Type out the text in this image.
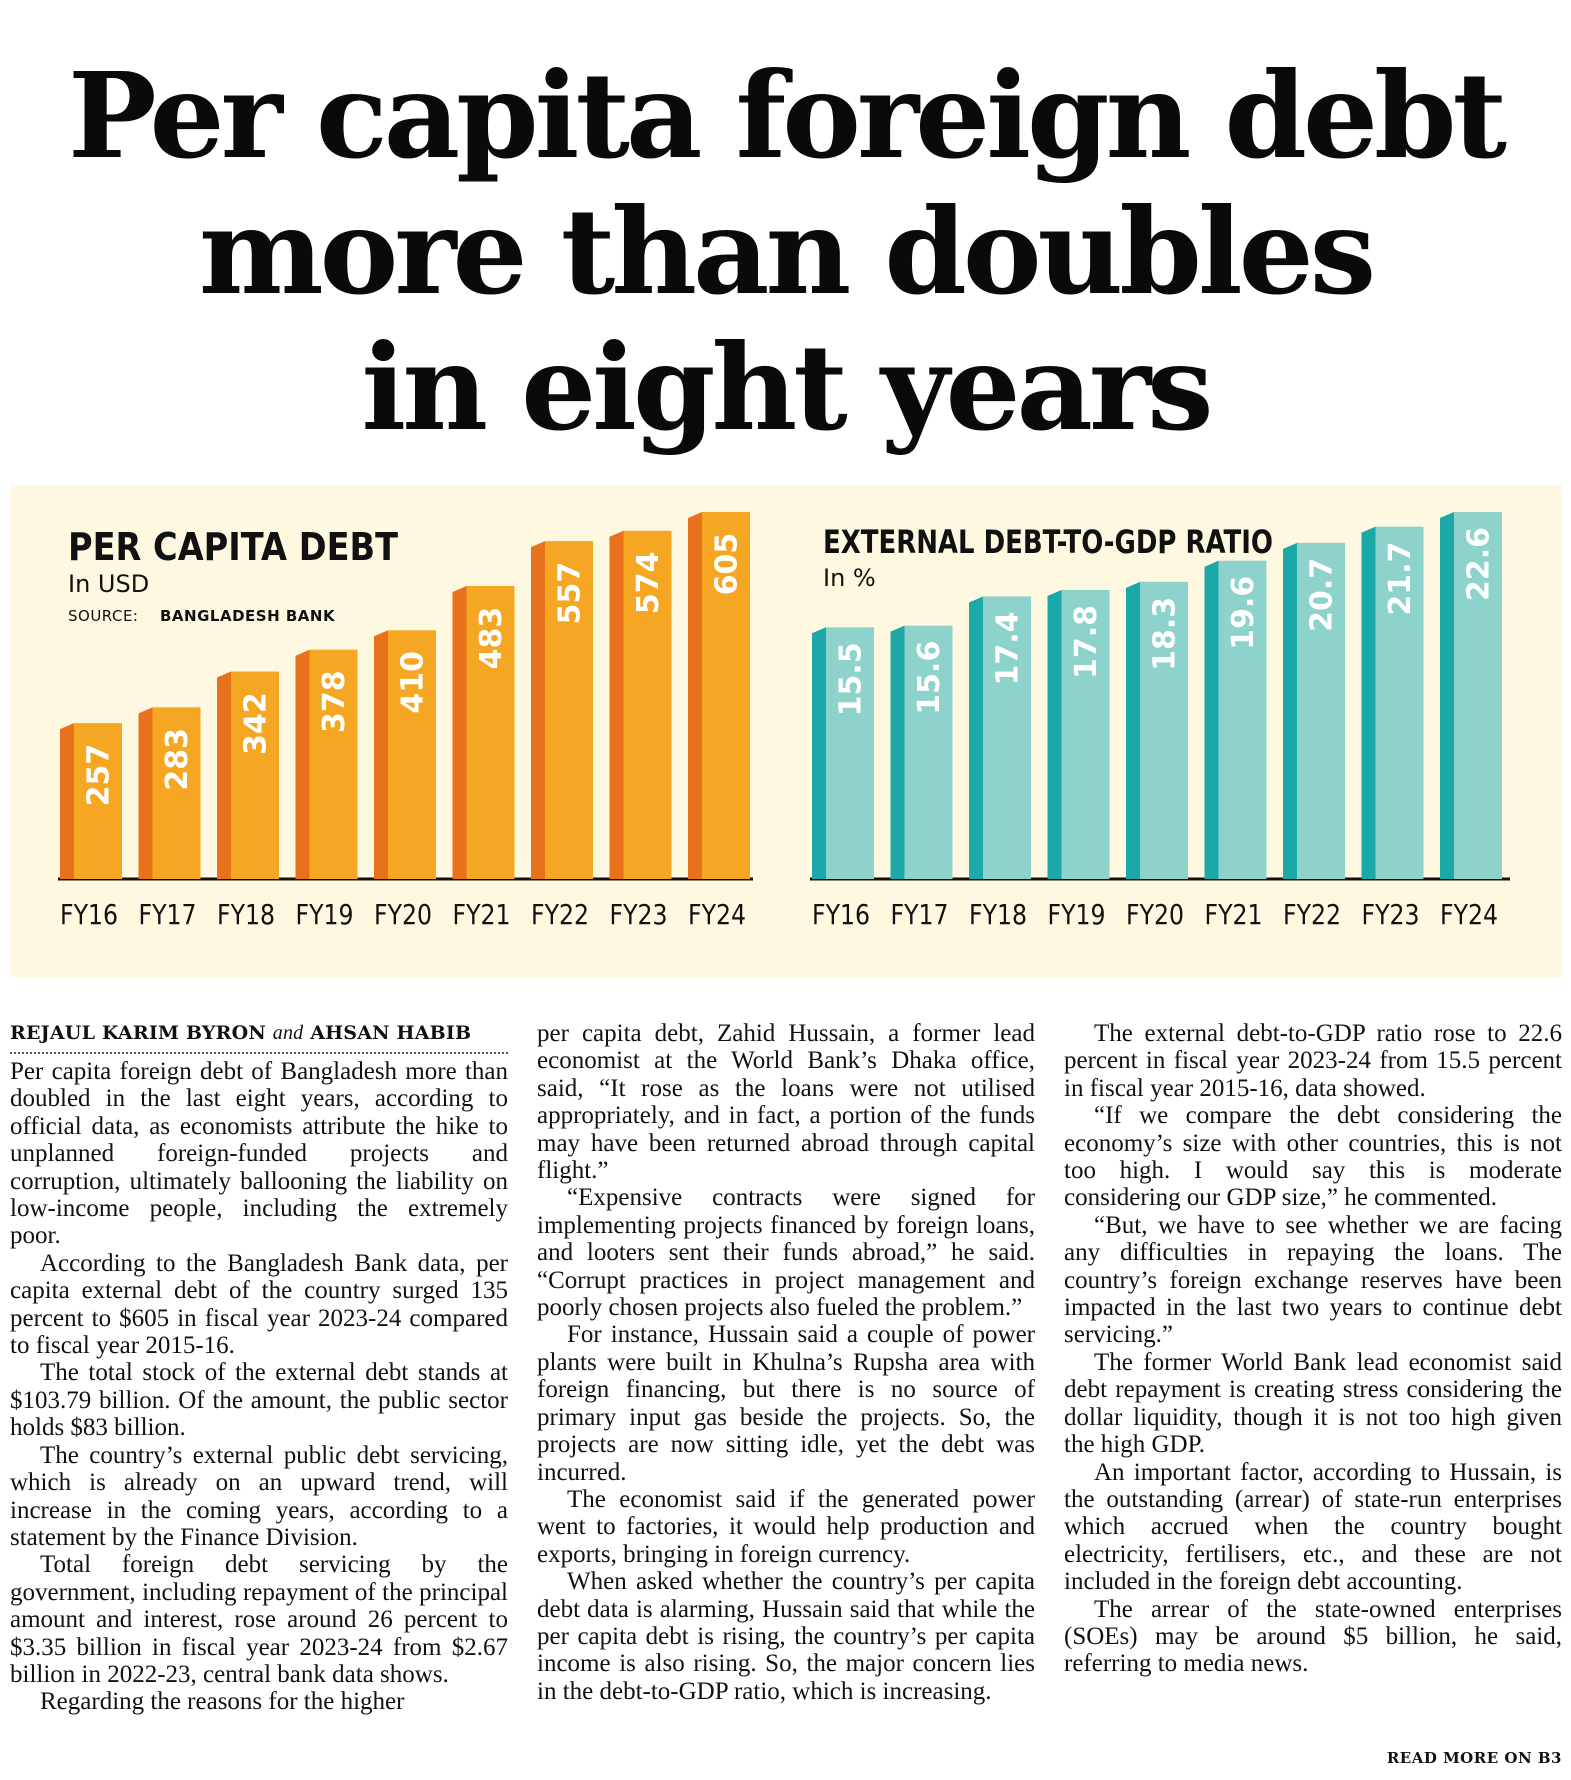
Per capita foreign debt
more than doubles
in eight years
PER CAPITA DEBT
In USD
SOURCE: BANGLADESH BANK
EXTERNAL DEBT-TO-GDP RATIO
In %
257
FY16
283
FY17
342
FY18
378
FY19
410
FY20
483
FY21
557
FY22
574
FY23
605
FY24
15.5
FY16
15.6
FY17
17.4
FY18
17.8
FY19
18.3
FY20
19.6
FY21
20.7
FY22
21.7
FY23
22.6
FY24
REJAUL KARIM BYRON and AHSAN HABIB

Per capita foreign debt of Bangladesh more than doubled in the last eight years, according to official data, as economists attribute the hike to unplanned foreign-funded projects and corruption, ultimately ballooning the liability on low-income people, including the extremely poor.

According to the Bangladesh Bank data, per capita external debt of the country surged 135 percent to $605 in fiscal year 2023-24 compared to fiscal year 2015-16.

The total stock of the external debt stands at $103.79 billion. Of the amount, the public sector holds $83 billion.

The country’s external public debt servicing, which is already on an upward trend, will increase in the coming years, according to a statement by the Finance Division.

Total foreign debt servicing by the government, including repayment of the principal amount and interest, rose around 26 percent to $3.35 billion in fiscal year 2023-24 from $2.67 billion in 2022-23, central bank data shows.

Regarding the reasons for the higher

per capita debt, Zahid Hussain, a former lead economist at the World Bank’s Dhaka office, said, “It rose as the loans were not utilised appropriately, and in fact, a portion of the funds may have been returned abroad through capital flight.”

“Expensive contracts were signed for implementing projects financed by foreign loans, and looters sent their funds abroad,” he said. “Corrupt practices in project management and poorly chosen projects also fueled the problem.”

For instance, Hussain said a couple of power plants were built in Khulna’s Rupsha area with foreign financing, but there is no source of primary input gas beside the projects. So, the projects are now sitting idle, yet the debt was incurred.

The economist said if the generated power went to factories, it would help production and exports, bringing in foreign currency.

When asked whether the country’s per capita debt data is alarming, Hussain said that while the per capita debt is rising, the country’s per capita income is also rising. So, the major concern lies in the debt-to-GDP ratio, which is increasing.

The external debt-to-GDP ratio rose to 22.6 percent in fiscal year 2023-24 from 15.5 percent in fiscal year 2015-16, data showed.

“If we compare the debt considering the economy’s size with other countries, this is not too high. I would say this is moderate considering our GDP size,” he commented.

“But, we have to see whether we are facing any difficulties in repaying the loans. The country’s foreign exchange reserves have been impacted in the last two years to continue debt servicing.”

The former World Bank lead economist said debt repayment is creating stress considering the dollar liquidity, though it is not too high given the high GDP.

An important factor, according to Hussain, is the outstanding (arrear) of state-run enterprises which accrued when the country bought electricity, fertilisers, etc., and these are not included in the foreign debt accounting.

The arrear of the state-owned enterprises (SOEs) may be around $5 billion, he said, referring to media news.

READ MORE ON B3
